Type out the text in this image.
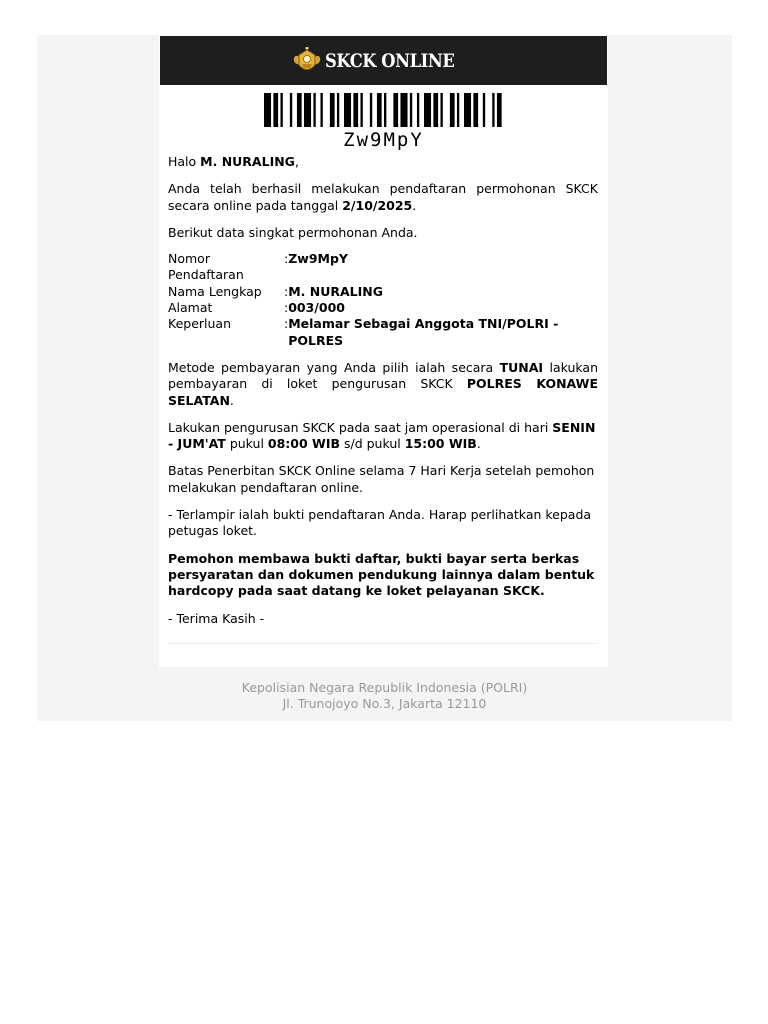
SKCK ONLINE
Zw9MpY

Halo M. NURALING,

Anda telah berhasil melakukan pendaftaran permohonan SKCK secara online pada tanggal 2/10/2025.

Berikut data singkat permohonan Anda.

Nomor Pendaftaran	:	Zw9MpY
Nama Lengkap	:	M. NURALING
Alamat	:	003/000
Keperluan	:	Melamar Sebagai Anggota TNI/POLRI - POLRES

Metode pembayaran yang Anda pilih ialah secara TUNAI lakukan pembayaran di loket pengurusan SKCK POLRES KONAWE SELATAN.

Lakukan pengurusan SKCK pada saat jam operasional di hari SENIN - JUM'AT pukul 08:00 WIB s/d pukul 15:00 WIB.

Batas Penerbitan SKCK Online selama 7 Hari Kerja setelah pemohon melakukan pendaftaran online.

- Terlampir ialah bukti pendaftaran Anda. Harap perlihatkan kepada petugas loket.

Pemohon membawa bukti daftar, bukti bayar serta berkas persyaratan dan dokumen pendukung lainnya dalam bentuk hardcopy pada saat datang ke loket pelayanan SKCK.

- Terima Kasih -

Kepolisian Negara Republik Indonesia (POLRI)
Jl. Trunojoyo No.3, Jakarta 12110
